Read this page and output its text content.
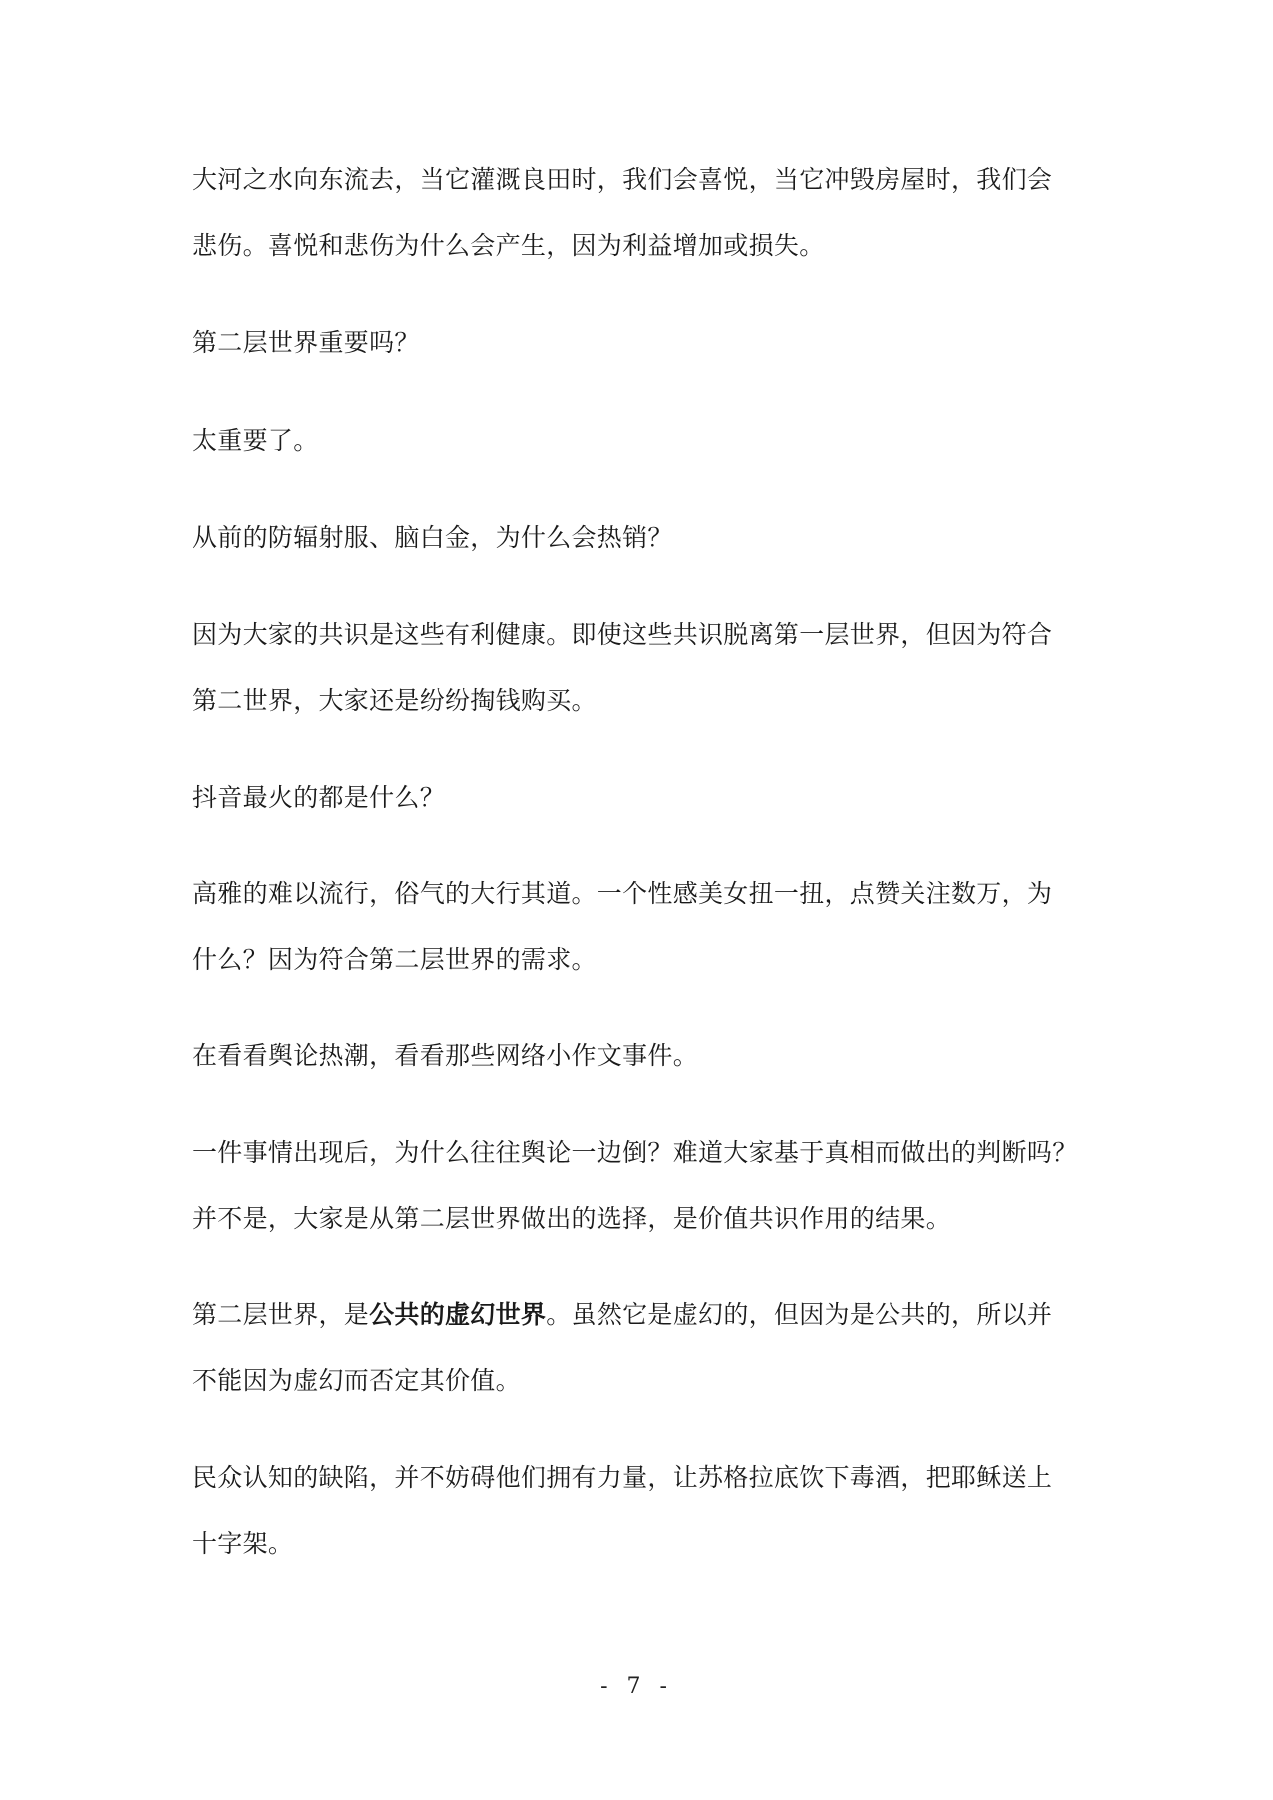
大河之水向东流去，当它灌溉良田时，我们会喜悦，当它冲毁房屋时，我们会
悲伤。喜悦和悲伤为什么会产生，因为利益增加或损失。

第二层世界重要吗？

太重要了。

从前的防辐射服、脑白金，为什么会热销？

因为大家的共识是这些有利健康。即使这些共识脱离第一层世界，但因为符合
第二世界，大家还是纷纷掏钱购买。

抖音最火的都是什么？

高雅的难以流行，俗气的大行其道。一个性感美女扭一扭，点赞关注数万，为
什么？因为符合第二层世界的需求。

在看看舆论热潮，看看那些网络小作文事件。

一件事情出现后，为什么往往舆论一边倒？难道大家基于真相而做出的判断吗？
并不是，大家是从第二层世界做出的选择，是价值共识作用的结果。

第二层世界，是公共的虚幻世界。虽然它是虚幻的，但因为是公共的，所以并
不能因为虚幻而否定其价值。

民众认知的缺陷，并不妨碍他们拥有力量，让苏格拉底饮下毒酒，把耶稣送上
十字架。

- 7 -
